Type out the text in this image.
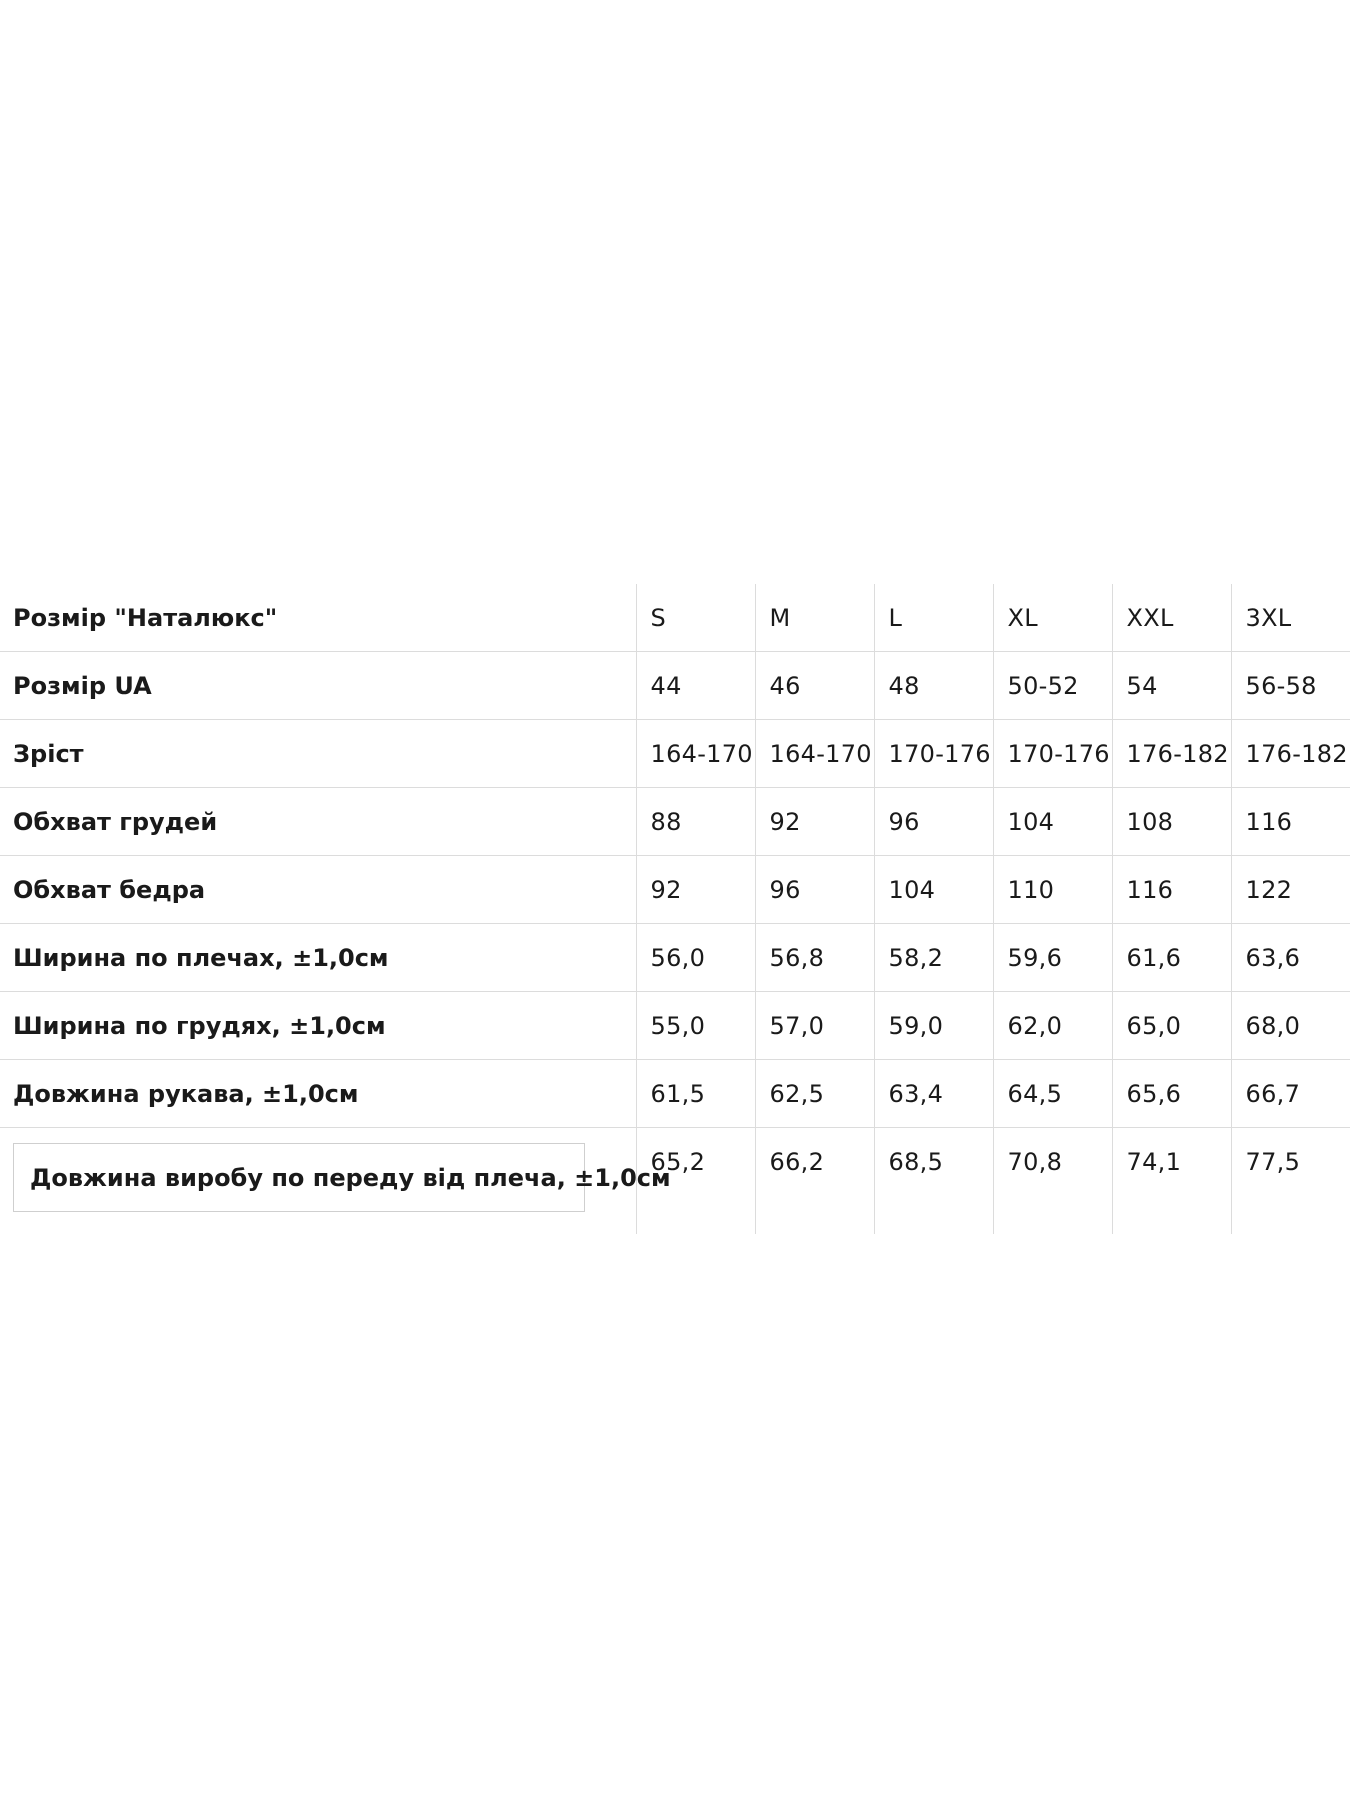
Розмір "Наталюкс"	S	M	L	XL	XXL	3XL
Розмір UA	44	46	48	50-52	54	56-58
Зріст	164-170	164-170	170-176	170-176	176-182	176-182
Обхват грудей	88	92	96	104	108	116
Обхват бедра	92	96	104	110	116	122
Ширина по плечах, ±1,0см	56,0	56,8	58,2	59,6	61,6	63,6
Ширина по грудях, ±1,0см	55,0	57,0	59,0	62,0	65,0	68,0
Довжина рукава, ±1,0см	61,5	62,5	63,4	64,5	65,6	66,7
Довжина виробу по переду від плеча, ±1,0см	65,2	66,2	68,5	70,8	74,1	77,5
